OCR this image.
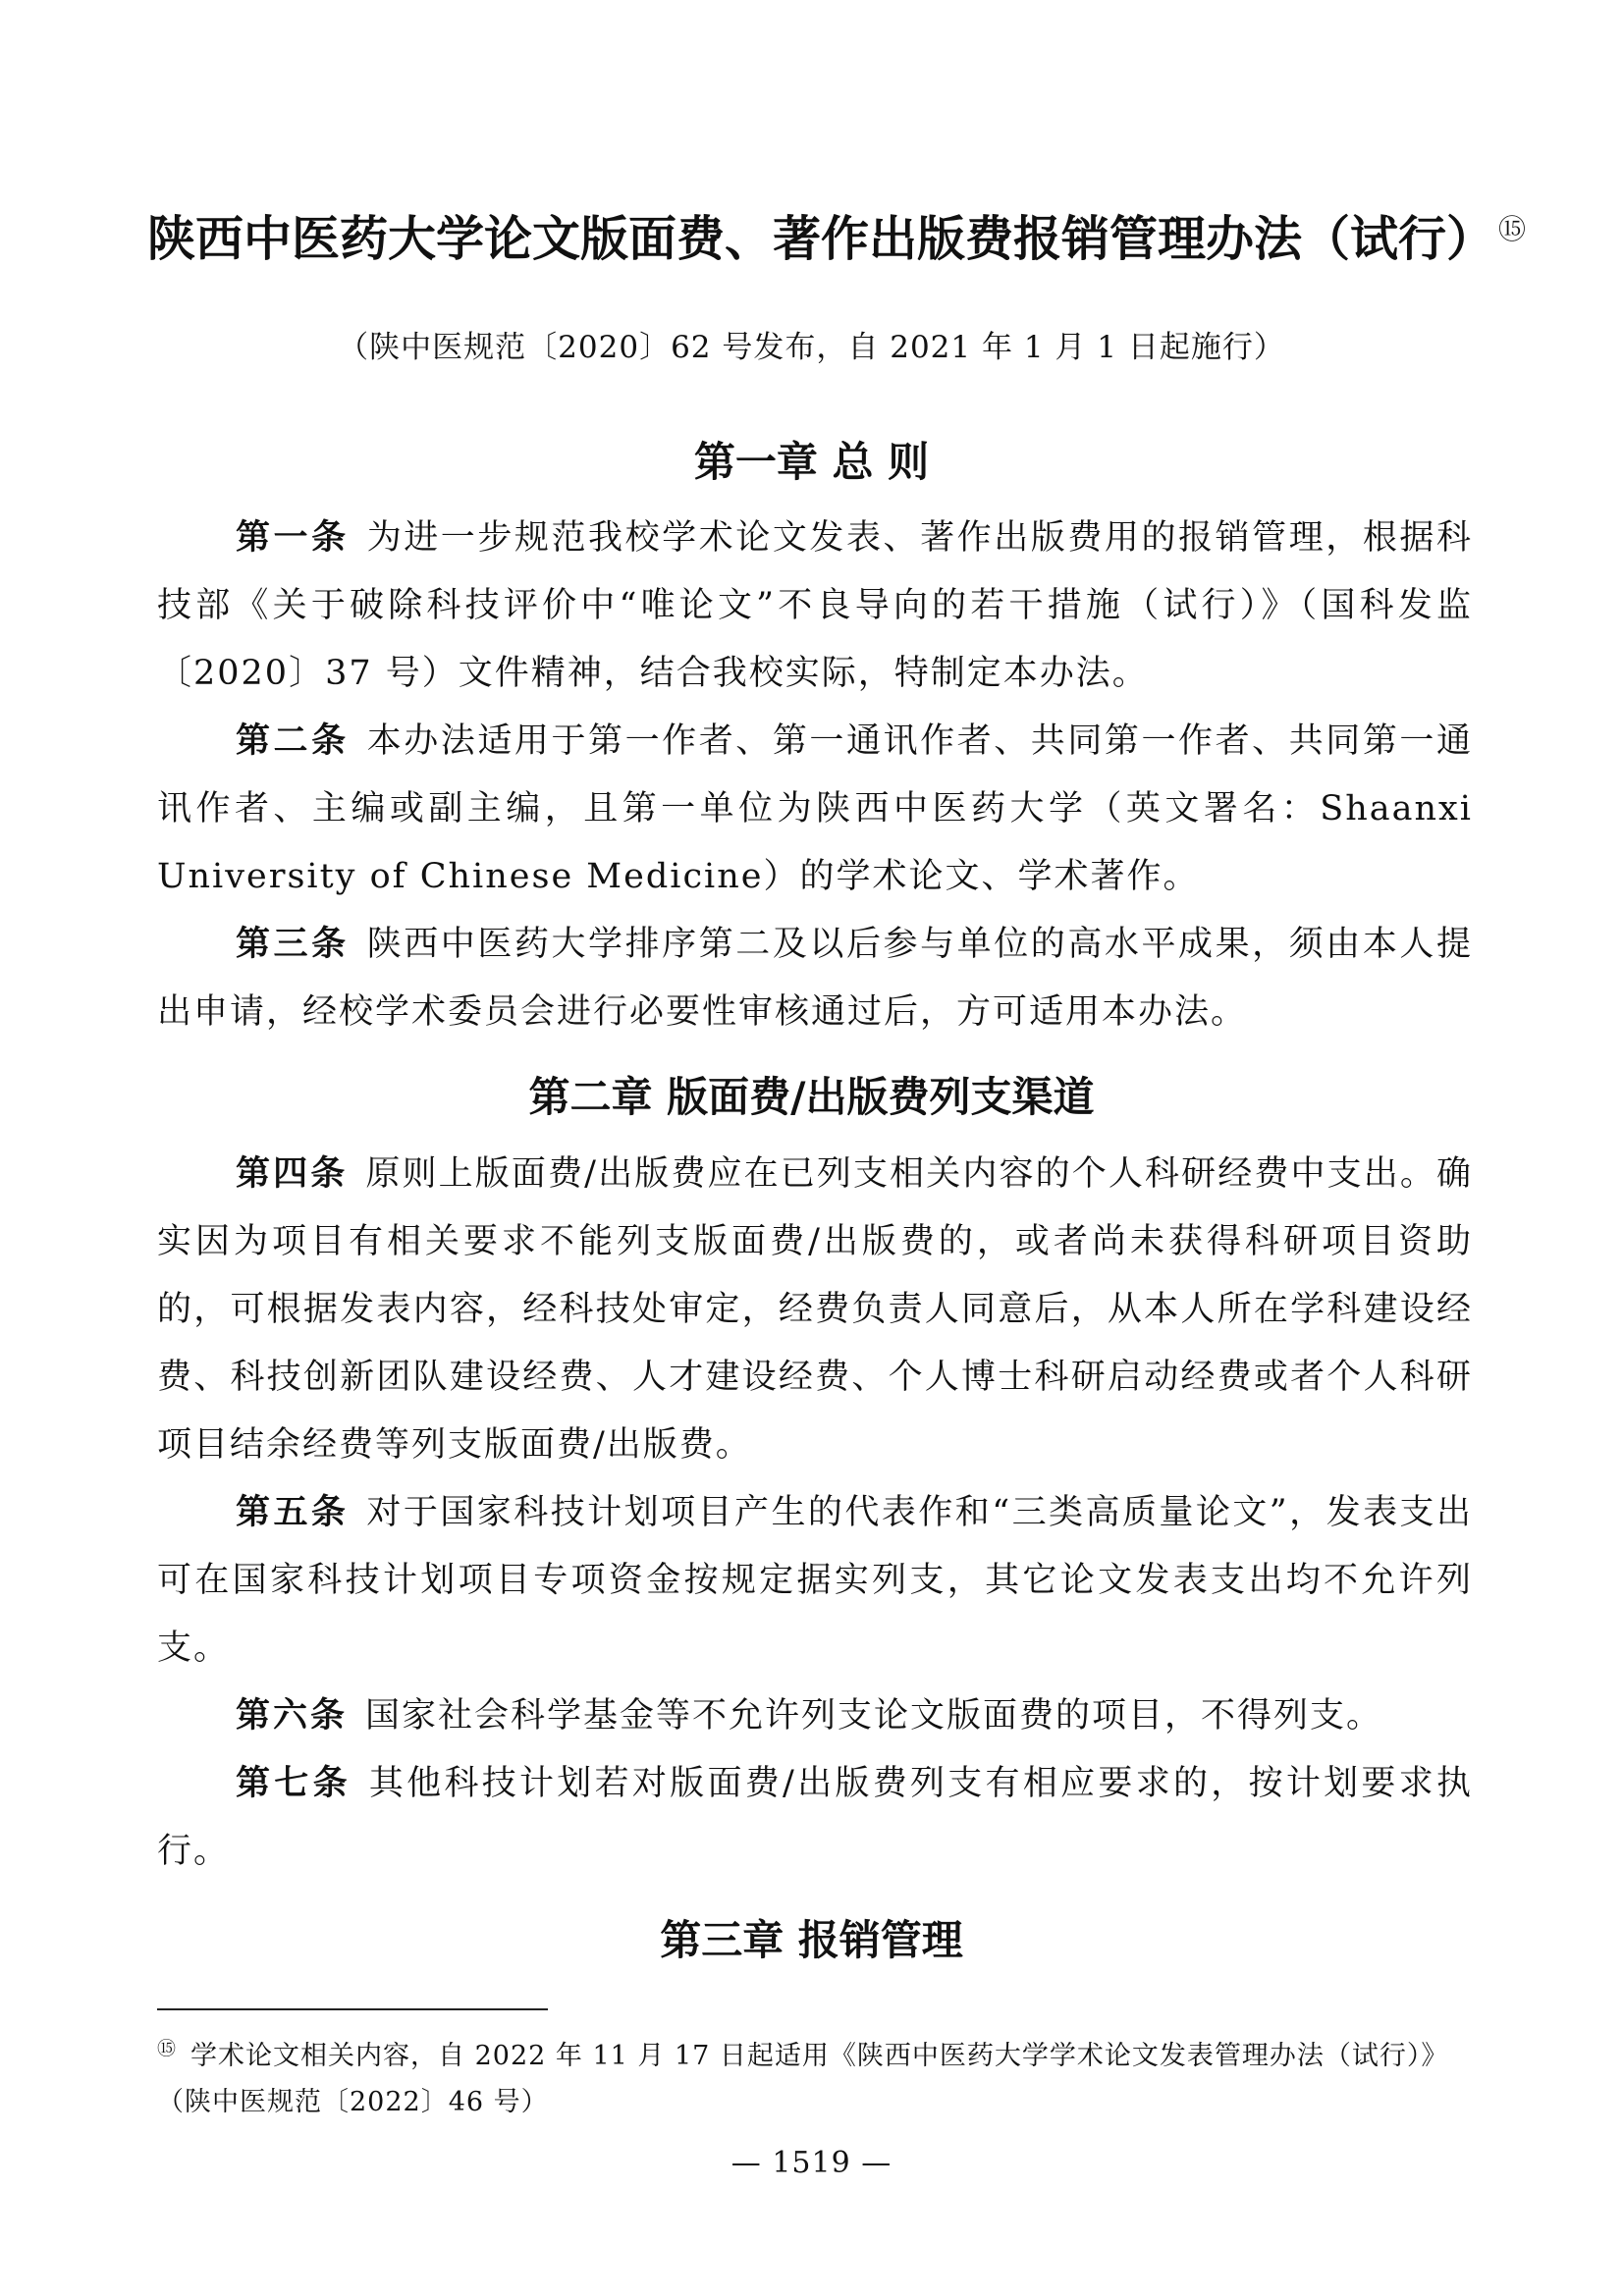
陕西中医药大学论文版面费、著作出版费报销管理办法（试行） ⑮
（陕中医规范〔2020〕62 号发布，自 2021 年 1 月 1 日起施行）
第一章 总 则

第一条 为进一步规范我校学术论文发表、著作出版费用的报销管理，根据科技部《关于破除科技评价中“唯论文”不良导向的若干措施（试行）》（国科发监〔2020〕37 号）文件精神，结合我校实际，特制定本办法。

第二条 本办法适用于第一作者、第一通讯作者、共同第一作者、共同第一通讯作者、主编或副主编，且第一单位为陕西中医药大学（英文署名：Shaanxi University of Chinese Medicine）的学术论文、学术著作。

第三条 陕西中医药大学排序第二及以后参与单位的高水平成果，须由本人提出申请，经校学术委员会进行必要性审核通过后，方可适用本办法。

第二章 版面费/出版费列支渠道

第四条 原则上版面费/出版费应在已列支相关内容的个人科研经费中支出。确实因为项目有相关要求不能列支版面费/出版费的，或者尚未获得科研项目资助的，可根据发表内容，经科技处审定，经费负责人同意后，从本人所在学科建设经费、科技创新团队建设经费、人才建设经费、个人博士科研启动经费或者个人科研项目结余经费等列支版面费/出版费。

第五条 对于国家科技计划项目产生的代表作和“三类高质量论文”，发表支出可在国家科技计划项目专项资金按规定据实列支，其它论文发表支出均不允许列支。

第六条 国家社会科学基金等不允许列支论文版面费的项目，不得列支。

第七条 其他科技计划若对版面费/出版费列支有相应要求的，按计划要求执行。

第三章 报销管理

⑮ 学术论文相关内容，自 2022 年 11 月 17 日起适用《陕西中医药大学学术论文发表管理办法（试行）》（陕中医规范〔2022〕46 号）

— 1519 —
